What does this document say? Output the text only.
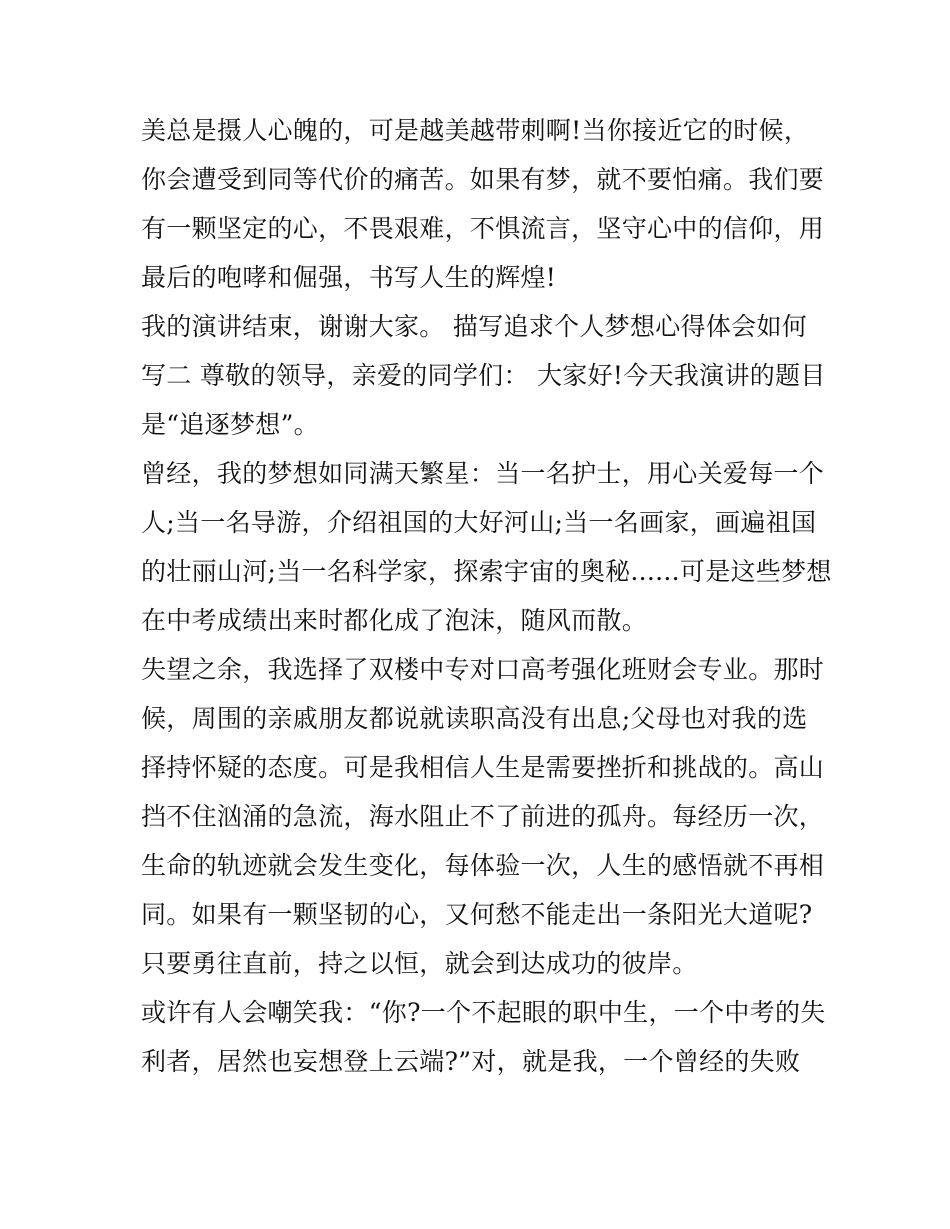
美总是摄人心魄的，可是越美越带刺啊!当你接近它的时候，
你会遭受到同等代价的痛苦。如果有梦，就不要怕痛。我们要
有一颗坚定的心，不畏艰难，不惧流言，坚守心中的信仰，用
最后的咆哮和倔强，书写人生的辉煌!
我的演讲结束，谢谢大家。 描写追求个人梦想心得体会如何
写二 尊敬的领导，亲爱的同学们： 大家好!今天我演讲的题目
是“追逐梦想”。
曾经，我的梦想如同满天繁星：当一名护士，用心关爱每一个
人;当一名导游，介绍祖国的大好河山;当一名画家，画遍祖国
的壮丽山河;当一名科学家，探索宇宙的奥秘......可是这些梦想
在中考成绩出来时都化成了泡沫，随风而散。
失望之余，我选择了双楼中专对口高考强化班财会专业。那时
候，周围的亲戚朋友都说就读职高没有出息;父母也对我的选
择持怀疑的态度。可是我相信人生是需要挫折和挑战的。高山
挡不住汹涌的急流，海水阻止不了前进的孤舟。每经历一次，
生命的轨迹就会发生变化，每体验一次，人生的感悟就不再相
同。如果有一颗坚韧的心，又何愁不能走出一条阳光大道呢?
只要勇往直前，持之以恒，就会到达成功的彼岸。
或许有人会嘲笑我：“你?一个不起眼的职中生，一个中考的失
利者，居然也妄想登上云端?”对，就是我，一个曾经的失败
